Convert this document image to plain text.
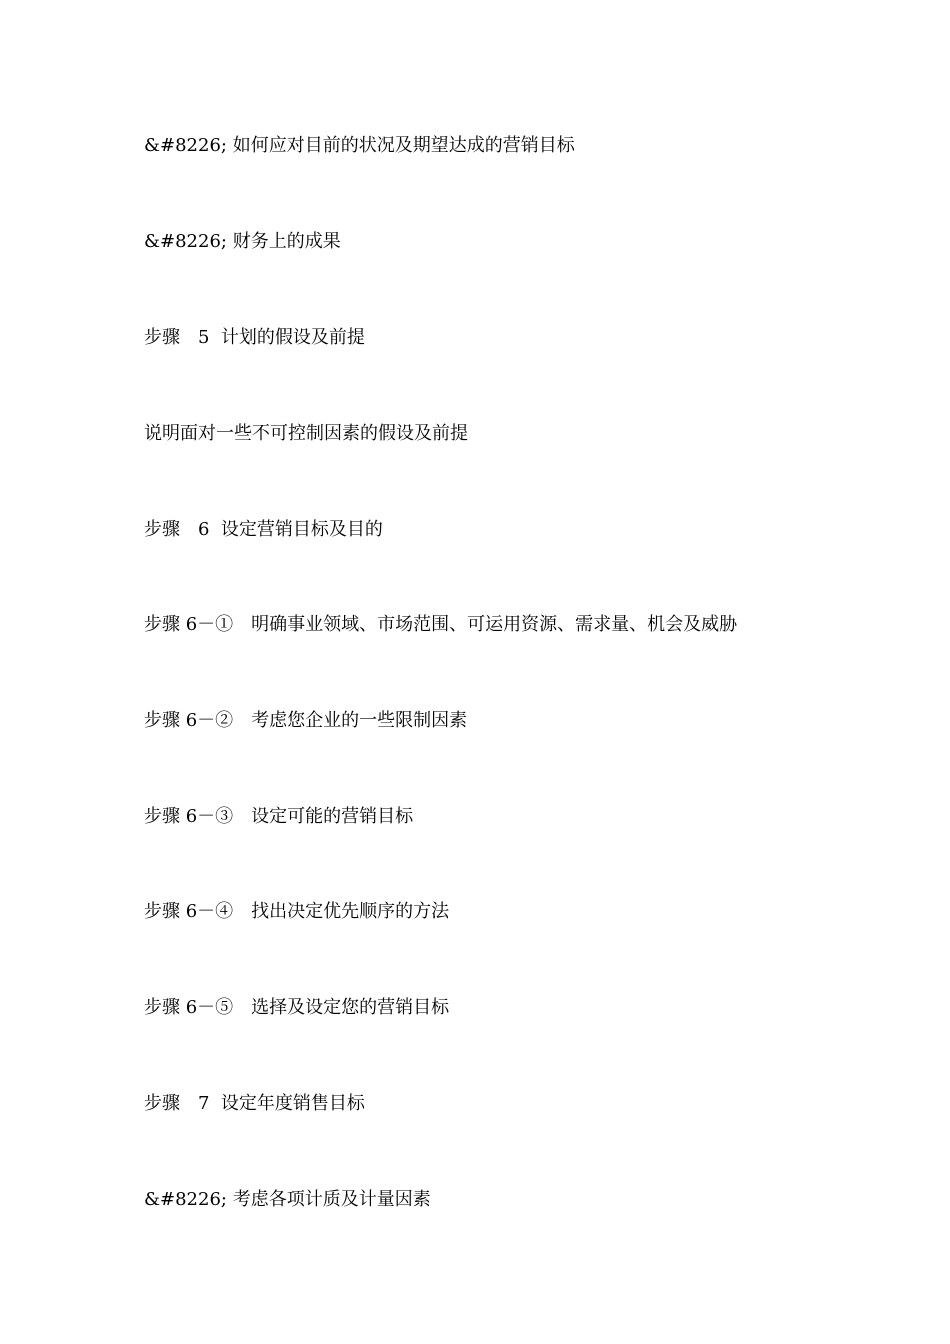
&#8226; 如何应对目前的状况及期望达成的营销目标
&#8226; 财务上的成果
步骤　5  计划的假设及前提
说明面对一些不可控制因素的假设及前提
步骤　6  设定营销目标及目的
步骤 6－①　明确事业领域、市场范围、可运用资源、需求量、机会及威胁
步骤 6－②　考虑您企业的一些限制因素
步骤 6－③　设定可能的营销目标
步骤 6－④　找出决定优先顺序的方法
步骤 6－⑤　选择及设定您的营销目标
步骤　7  设定年度销售目标
&#8226; 考虑各项计质及计量因素
